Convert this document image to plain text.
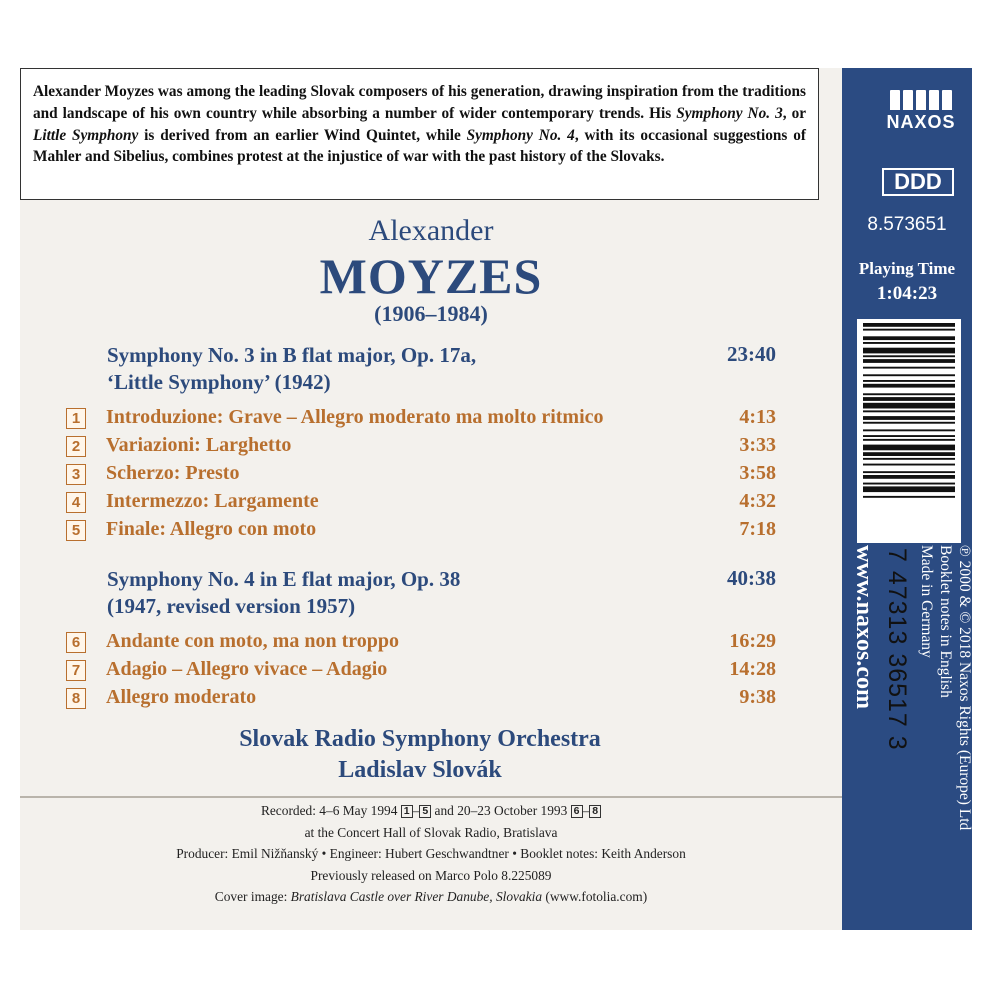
Alexander Moyzes was among the leading Slovak composers of his generation, drawing inspiration from the traditions and landscape of his own country while absorbing a number of wider contemporary trends. His Symphony No. 3, or Little Symphony is derived from an earlier Wind Quintet, while Symphony No. 4, with its occasional suggestions of Mahler and Sibelius, combines protest at the injustice of war with the past history of the Slovaks.

Alexander
MOYZES
(1906–1984)
Symphony No. 3 in B flat major, Op. 17a,
‘Little Symphony’ (1942)
23:40
1 Introduzione: Grave – Allegro moderato ma molto ritmico	4:13
2 Variazioni: Larghetto	3:33
3 Scherzo: Presto	3:58
4 Intermezzo: Largamente	4:32
5 Finale: Allegro con moto	7:18
Symphony No. 4 in E flat major, Op. 38
(1947, revised version 1957)
40:38
6 Andante con moto, ma non troppo	16:29
7 Adagio – Allegro vivace – Adagio	14:28
8 Allegro moderato	9:38
Slovak Radio Symphony Orchestra
Ladislav Slovák
Recorded: 4–6 May 1994 1 – 5 and 20–23 October 1993 6 – 8
at the Concert Hall of Slovak Radio, Bratislava
Producer: Emil Nižňanský • Engineer: Hubert Geschwandtner • Booklet notes: Keith Anderson
Previously released on Marco Polo 8.225089
Cover image: Bratislava Castle over River Danube, Slovakia (www.fotolia.com)
NAXOS
DDD
8.573651
Playing Time
1:04:23
7 47313 36517 3
www.naxos.com	℗ 2000 & © 2018 Naxos Rights (Europe) Ltd
Booklet notes in English
Made in Germany
